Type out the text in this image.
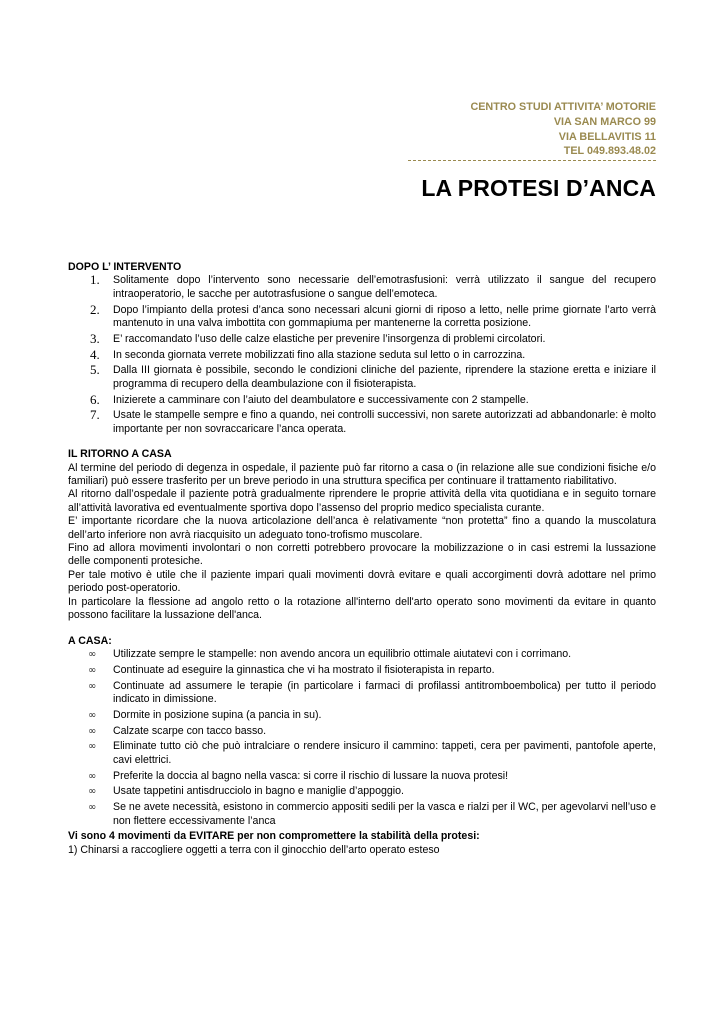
CENTRO STUDI ATTIVITA’ MOTORIE
VIA SAN MARCO 99
VIA BELLAVITIS 11
TEL 049.893.48.02
LA PROTESI D’ANCA
DOPO L’ INTERVENTO
1. Solitamente dopo l’intervento sono necessarie dell’emotrasfusioni: verrà utilizzato il sangue del recupero intraoperatorio, le sacche per autotrasfusione o sangue dell’emoteca.
2. Dopo l’impianto della protesi d’anca sono necessari alcuni giorni di riposo a letto, nelle prime giornate l’arto verrà mantenuto in una valva imbottita con gommapiuma per mantenerne la corretta posizione.
3. E’ raccomandato l’uso delle calze elastiche per prevenire l’insorgenza di problemi circolatori.
4. In seconda giornata verrete mobilizzati fino alla stazione seduta sul letto o in carrozzina.
5. Dalla III giornata è possibile, secondo le condizioni cliniche del paziente, riprendere la stazione eretta e iniziare il programma di recupero della deambulazione con il fisioterapista.
6. Inizierete a camminare con l’aiuto del deambulatore e successivamente con 2 stampelle.
7. Usate le stampelle sempre e fino a quando, nei controlli successivi, non sarete autorizzati ad abbandonarle: è molto importante per non sovraccaricare l’anca operata.
IL RITORNO A CASA

Al termine del periodo di degenza in ospedale, il paziente può far ritorno a casa o (in relazione alle sue condizioni fisiche e/o familiari) può essere trasferito per un breve periodo in una struttura specifica per continuare il trattamento riabilitativo.

Al ritorno dall’ospedale il paziente potrà gradualmente riprendere le proprie attività della vita quotidiana e in seguito tornare all’attività lavorativa ed eventualmente sportiva dopo l’assenso del proprio medico specialista curante.

E’ importante ricordare che la nuova articolazione dell’anca è relativamente “non protetta” fino a quando la muscolatura dell’arto inferiore non avrà riacquisito un adeguato tono-trofismo muscolare.

Fino ad allora movimenti involontari o non corretti potrebbero provocare la mobilizzazione o in casi estremi la lussazione delle componenti protesiche.

Per tale motivo è utile che il paziente impari quali movimenti dovrà evitare e quali accorgimenti dovrà adottare nel primo periodo post-operatorio.

In particolare la flessione ad angolo retto o la rotazione all'interno dell'arto operato sono movimenti da evitare in quanto possono facilitare la lussazione dell'anca.

A CASA:
∞ Utilizzate sempre le stampelle: non avendo ancora un equilibrio ottimale aiutatevi con i corrimano.
∞ Continuate ad eseguire la ginnastica che vi ha mostrato il fisioterapista in reparto.
∞ Continuate ad assumere le terapie (in particolare i farmaci di profilassi antitromboembolica) per tutto il periodo indicato in dimissione.
∞ Dormite in posizione supina (a pancia in su).
∞ Calzate scarpe con tacco basso.
∞ Eliminate tutto ciò che può intralciare o rendere insicuro il cammino: tappeti, cera per pavimenti, pantofole aperte, cavi elettrici.
∞ Preferite la doccia al bagno nella vasca: si corre il rischio di lussare la nuova protesi!
∞ Usate tappetini antisdrucciolo in bagno e maniglie d’appoggio.
∞ Se ne avete necessità, esistono in commercio appositi sedili per la vasca e rialzi per il WC, per agevolarvi nell’uso e non flettere eccessivamente l’anca

Vi sono 4 movimenti da EVITARE per non compromettere la stabilità della protesi:

1) Chinarsi a raccogliere oggetti a terra con il ginocchio dell’arto operato esteso
